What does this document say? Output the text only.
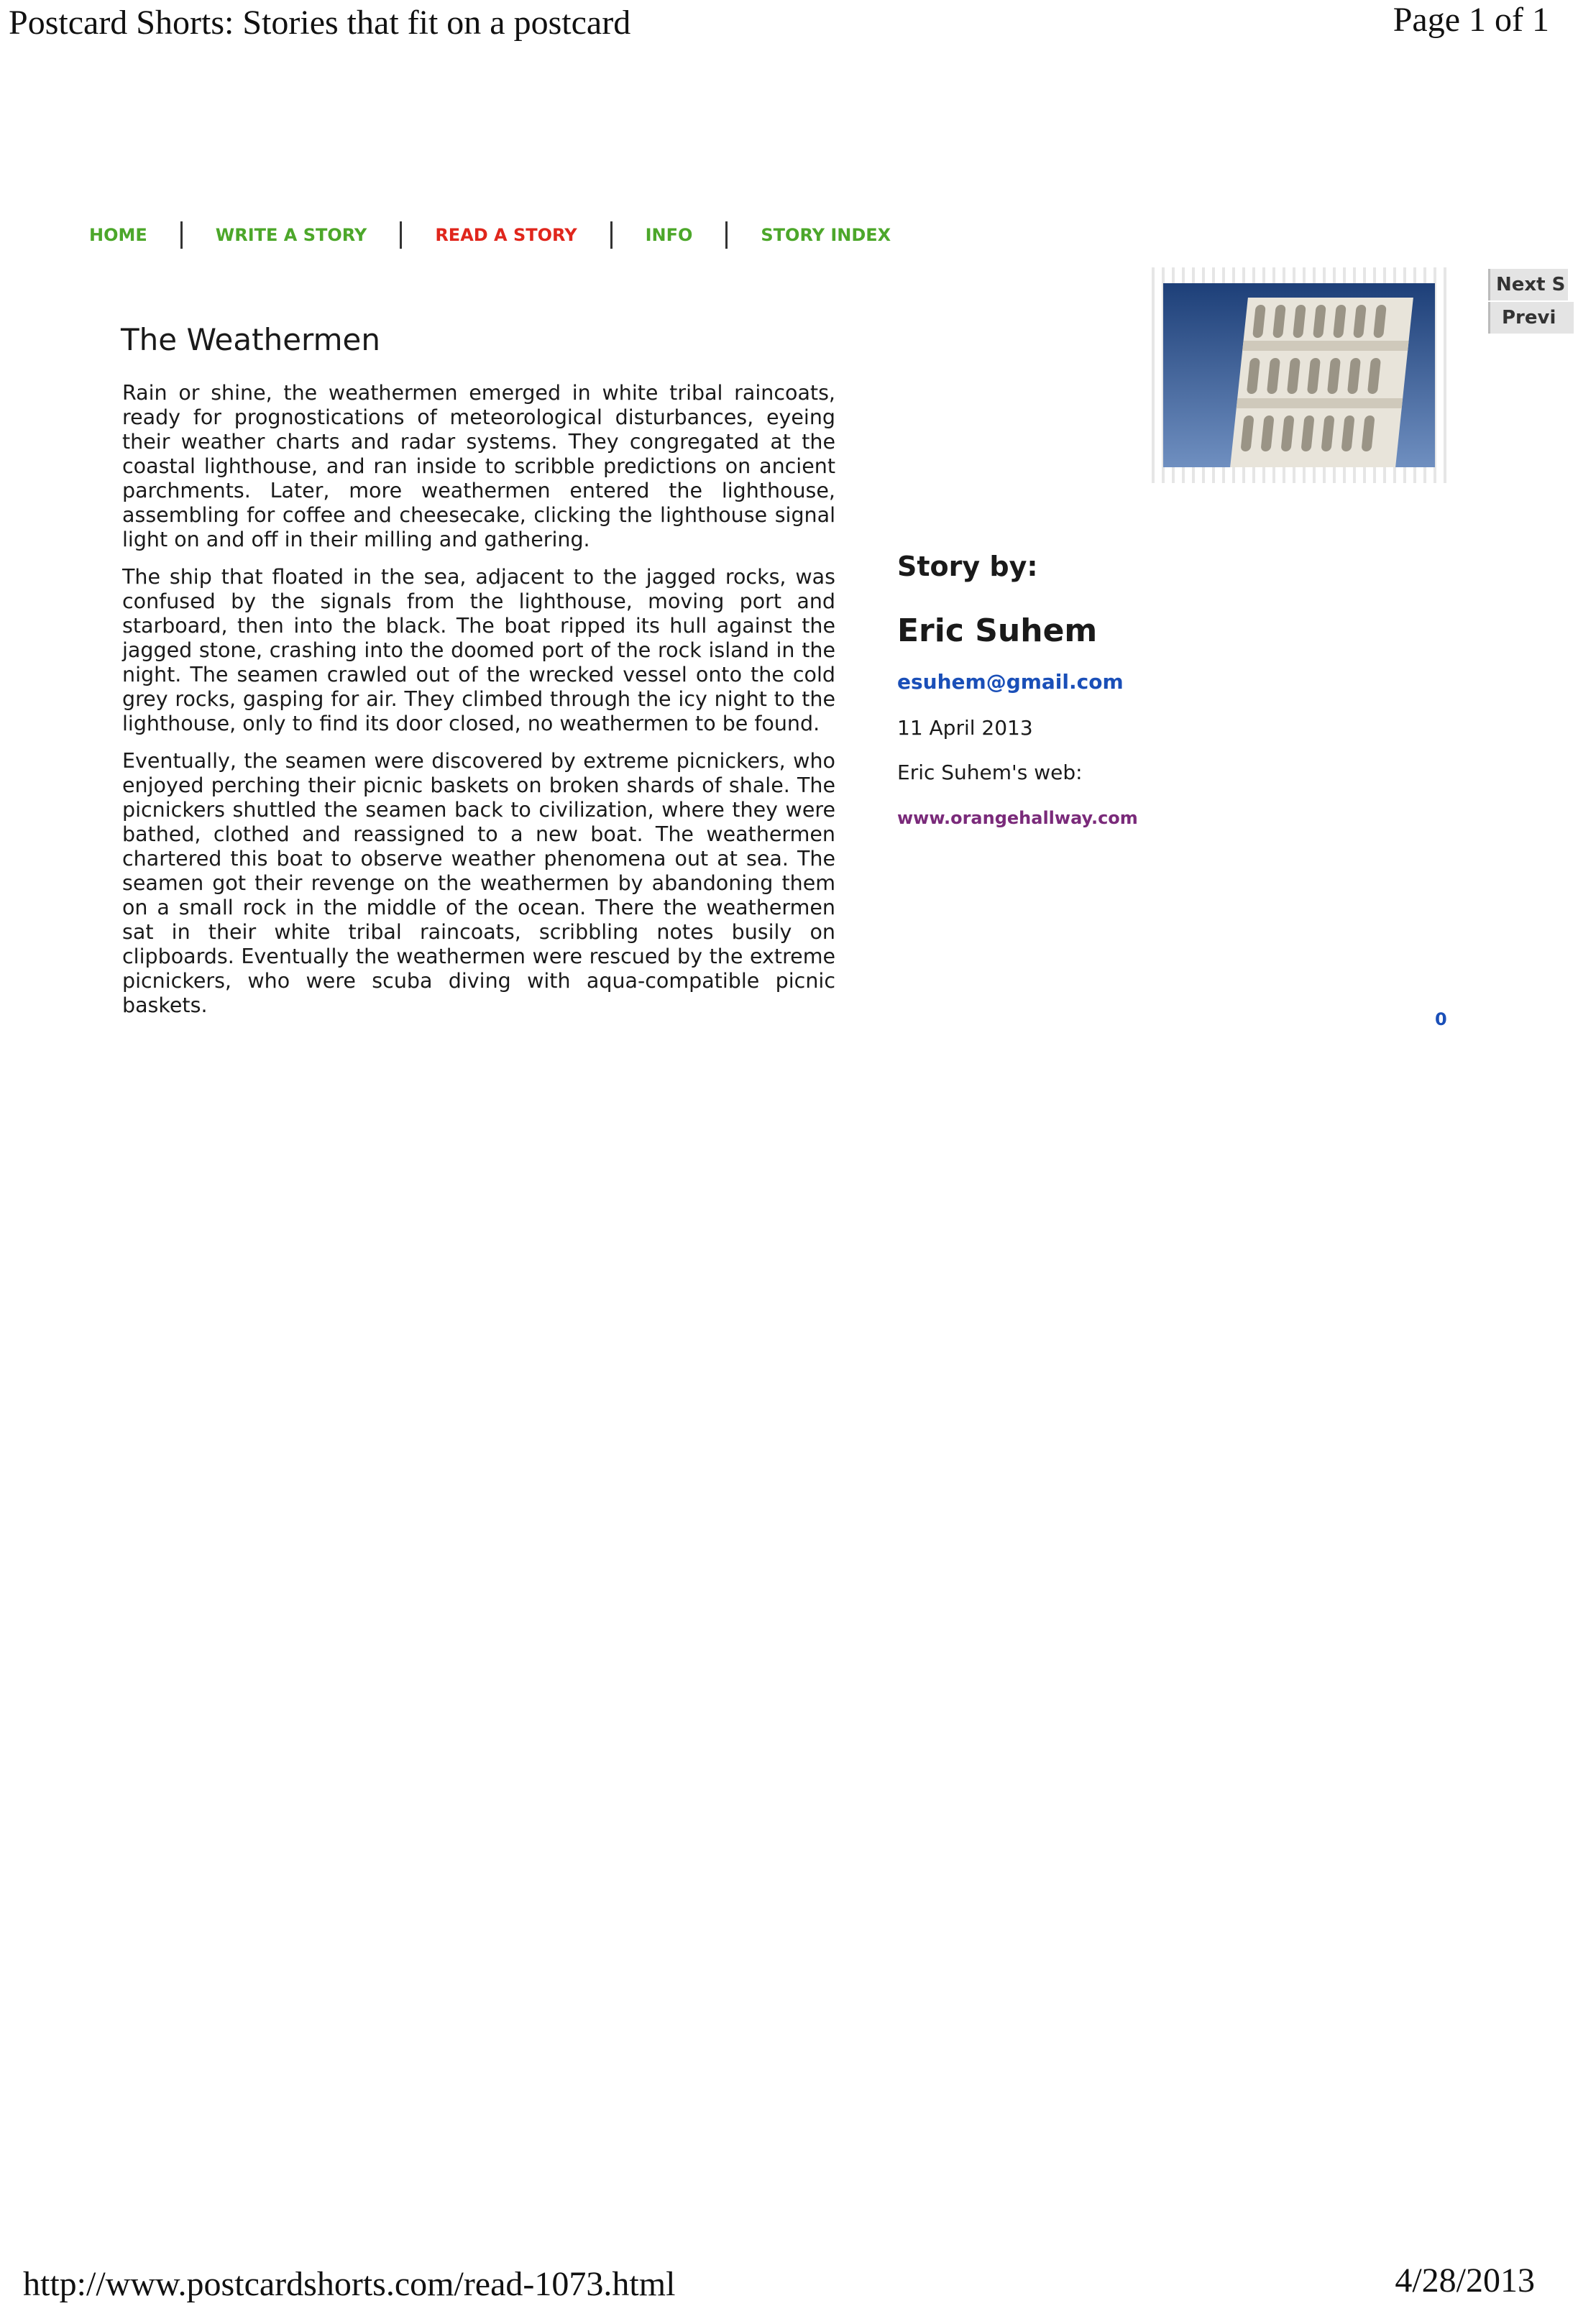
Postcard Shorts: Stories that fit on a postcard	Page 1 of 1
HOME	WRITE A STORY	READ A STORY	INFO	STORY INDEX
The Weathermen

Rain or shine, the weathermen emerged in white tribal raincoats, ready for prognostications of meteorological disturbances, eyeing their weather charts and radar systems. They congregated at the coastal lighthouse, and ran inside to scribble predictions on ancient parchments. Later, more weathermen entered the lighthouse, assembling for coffee and cheesecake, clicking the lighthouse signal light on and off in their milling and gathering.

The ship that floated in the sea, adjacent to the jagged rocks, was confused by the signals from the lighthouse, moving port and starboard, then into the black. The boat ripped its hull against the jagged stone, crashing into the doomed port of the rock island in the night. The seamen crawled out of the wrecked vessel onto the cold grey rocks, gasping for air. They climbed through the icy night to the lighthouse, only to find its door closed, no weathermen to be found.

Eventually, the seamen were discovered by extreme picnickers, who enjoyed perching their picnic baskets on broken shards of shale. The picnickers shuttled the seamen back to civilization, where they were bathed, clothed and reassigned to a new boat. The weathermen chartered this boat to observe weather phenomena out at sea. The seamen got their revenge on the weathermen by abandoning them on a small rock in the middle of the ocean. There the weathermen sat in their white tribal raincoats, scribbling notes busily on clipboards. Eventually the weathermen were rescued by the extreme picnickers, who were scuba diving with aqua-compatible picnic baskets.

Next S
Previ
Story by:
Eric Suhem
esuhem@gmail.com
11 April 2013
Eric Suhem's web:
www.orangehallway.com
0
http://www.postcardshorts.com/read-1073.html	4/28/2013
